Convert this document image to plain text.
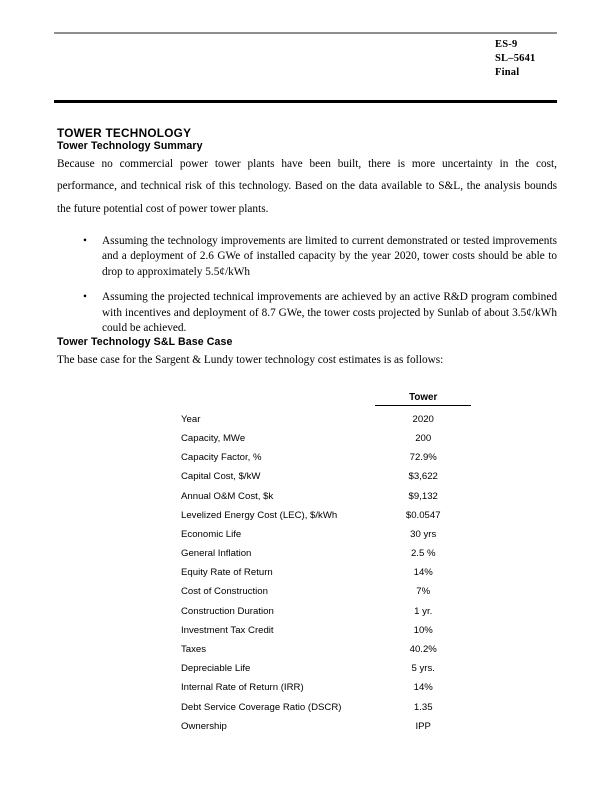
ES-9
SL–5641
Final
TOWER TECHNOLOGY
Tower Technology Summary

Because no commercial power tower plants have been built, there is more uncertainty in the cost, performance, and technical risk of this technology. Based on the data available to S&L, the analysis bounds the future potential cost of power tower plants.

• Assuming the technology improvements are limited to current demonstrated or tested improvements and a deployment of 2.6 GWe of installed capacity by the year 2020, tower costs should be able to drop to approximately 5.5¢/kWh
• Assuming the projected technical improvements are achieved by an active R&D program combined with incentives and deployment of 8.7 GWe, the tower costs projected by Sunlab of about 3.5¢/kWh could be achieved.
Tower Technology S&L Base Case

The base case for the Sargent & Lundy tower technology cost estimates is as follows:

	Tower
Year	2020
Capacity, MWe	200
Capacity Factor, %	72.9%
Capital Cost, $/kW	$3,622
Annual O&M Cost, $k	$9,132
Levelized Energy Cost (LEC), $/kWh	$0.0547
Economic Life	30 yrs
General Inflation	2.5 %
Equity Rate of Return	14%
Cost of Construction	7%
Construction Duration	1 yr.
Investment Tax Credit	10%
Taxes	40.2%
Depreciable Life	5 yrs.
Internal Rate of Return (IRR)	14%
Debt Service Coverage Ratio (DSCR)	1.35
Ownership	IPP
